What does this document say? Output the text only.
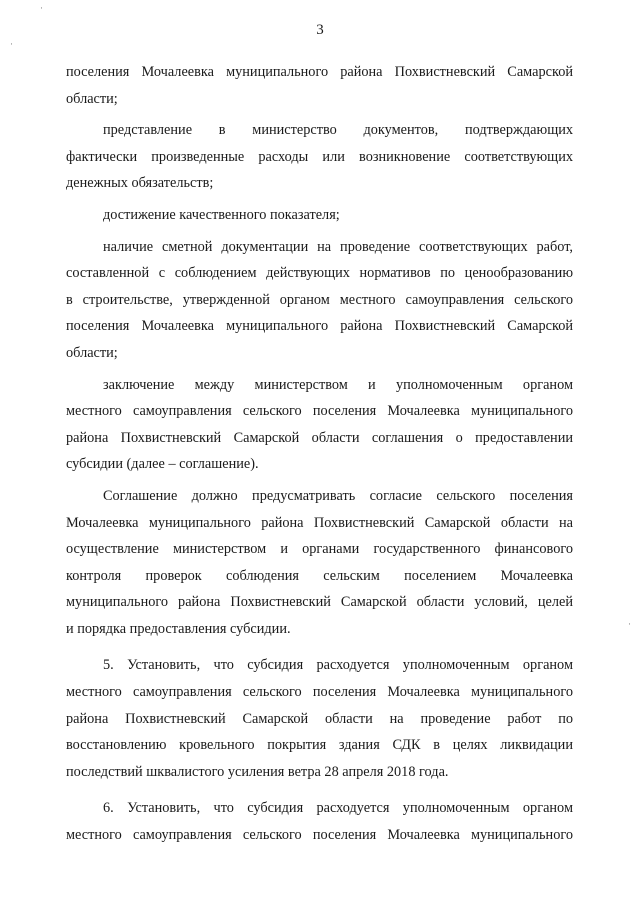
·
·
·
3
поселения Мочалеевка муниципального района Похвистневский Самарской
области;
представление в министерство документов, подтверждающих
фактически произведенные расходы или возникновение соответствующих
денежных обязательств;
достижение качественного показателя;
наличие сметной документации на проведение соответствующих работ,
составленной с соблюдением действующих нормативов по ценообразованию
в строительстве, утвержденной органом местного самоуправления сельского
поселения Мочалеевка муниципального района Похвистневский Самарской
области;
заключение между министерством и уполномоченным органом
местного самоуправления сельского поселения Мочалеевка муниципального
района Похвистневский Самарской области соглашения о предоставлении
субсидии (далее – соглашение).
Соглашение должно предусматривать согласие сельского поселения
Мочалеевка муниципального района Похвистневский Самарской области на
осуществление министерством и органами государственного финансового
контроля проверок соблюдения сельским поселением Мочалеевка
муниципального района Похвистневский Самарской области условий, целей
и порядка предоставления субсидии.
5. Установить, что субсидия расходуется уполномоченным органом
местного самоуправления сельского поселения Мочалеевка муниципального
района Похвистневский Самарской области на проведение работ по
восстановлению кровельного покрытия здания СДК в целях ликвидации
последствий шквалистого усиления ветра 28 апреля 2018 года.
6. Установить, что субсидия расходуется уполномоченным органом
местного самоуправления сельского поселения Мочалеевка муниципального
